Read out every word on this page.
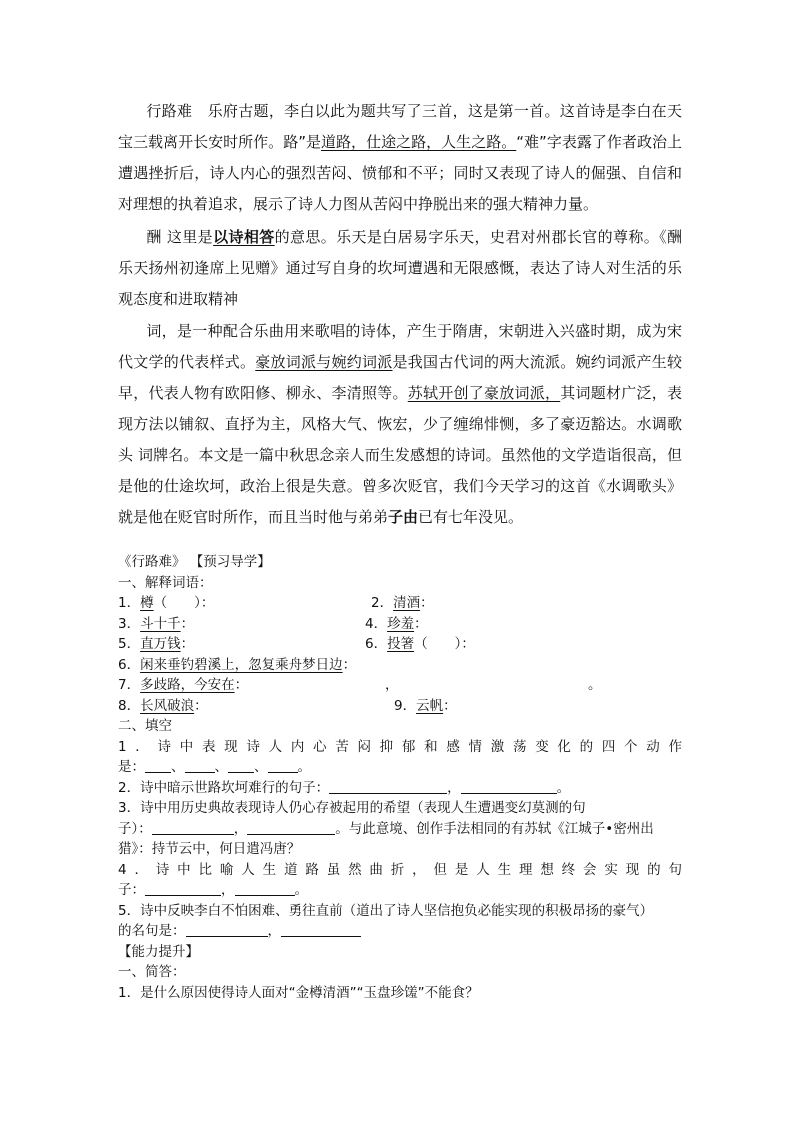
行路难　乐府古题，李白以此为题共写了三首，这是第一首。这首诗是李白在天宝三载离开长安时所作。路”是道路，仕途之路，人生之路。“难”字表露了作者政治上遭遇挫折后，诗人内心的强烈苦闷、愤郁和不平；同时又表现了诗人的倔强、自信和对理想的执着追求，展示了诗人力图从苦闷中挣脱出来的强大精神力量。

酬 这里是以诗相答的意思。乐天是白居易字乐天，史君对州郡长官的尊称。《酬乐天扬州初逢席上见赠》通过写自身的坎坷遭遇和无限感慨，表达了诗人对生活的乐观态度和进取精神

词，是一种配合乐曲用来歌唱的诗体，产生于隋唐，宋朝进入兴盛时期，成为宋代文学的代表样式。豪放词派与婉约词派是我国古代词的两大流派。婉约词派产生较早，代表人物有欧阳修、柳永、李清照等。苏轼开创了豪放词派，其词题材广泛，表现方法以铺叙、直抒为主，风格大气、恢宏，少了缠绵悱恻，多了豪迈豁达。水调歌头 词牌名。本文是一篇中秋思念亲人而生发感想的诗词。虽然他的文学造诣很高，但是他的仕途坎坷，政治上很是失意。曾多次贬官，我们今天学习的这首《水调歌头》就是他在贬官时所作，而且当时他与弟弟子由已有七年没见。

《行路难》 【预习导学】
一、解释词语：
1．樽（　　）：	2．清酒：
3．斗十千：	4．珍羞：
5．直万钱：	6．投箸（　　）：
6．闲来垂钓碧溪上，忽复乘舟梦日边：
7．多歧路，今安在：	，	。
8．长风破浪：	9．云帆：
二、填空
1．诗中表现诗人内心苦闷抑郁和感情激荡变化的四个动作
是： 、 、 、 。
2．诗中暗示世路坎坷难行的句子：	，	。
3．诗中用历史典故表现诗人仍心存被起用的希望（表现人生遭遇变幻莫测的句
子）：	，	。与此意境、创作手法相同的有苏轼《江城子•密州出
猎》：持节云中，何日遣冯唐？
4．诗中比喻人生道路虽然曲折，但是人生理想终会实现的句
子：	，	。
5．诗中反映李白不怕困难、勇往直前（道出了诗人坚信抱负必能实现的积极昂扬的豪气）
的名句是：	，
【能力提升】
一、简答：
1．是什么原因使得诗人面对“金樽清酒”“玉盘珍馐”不能食？
